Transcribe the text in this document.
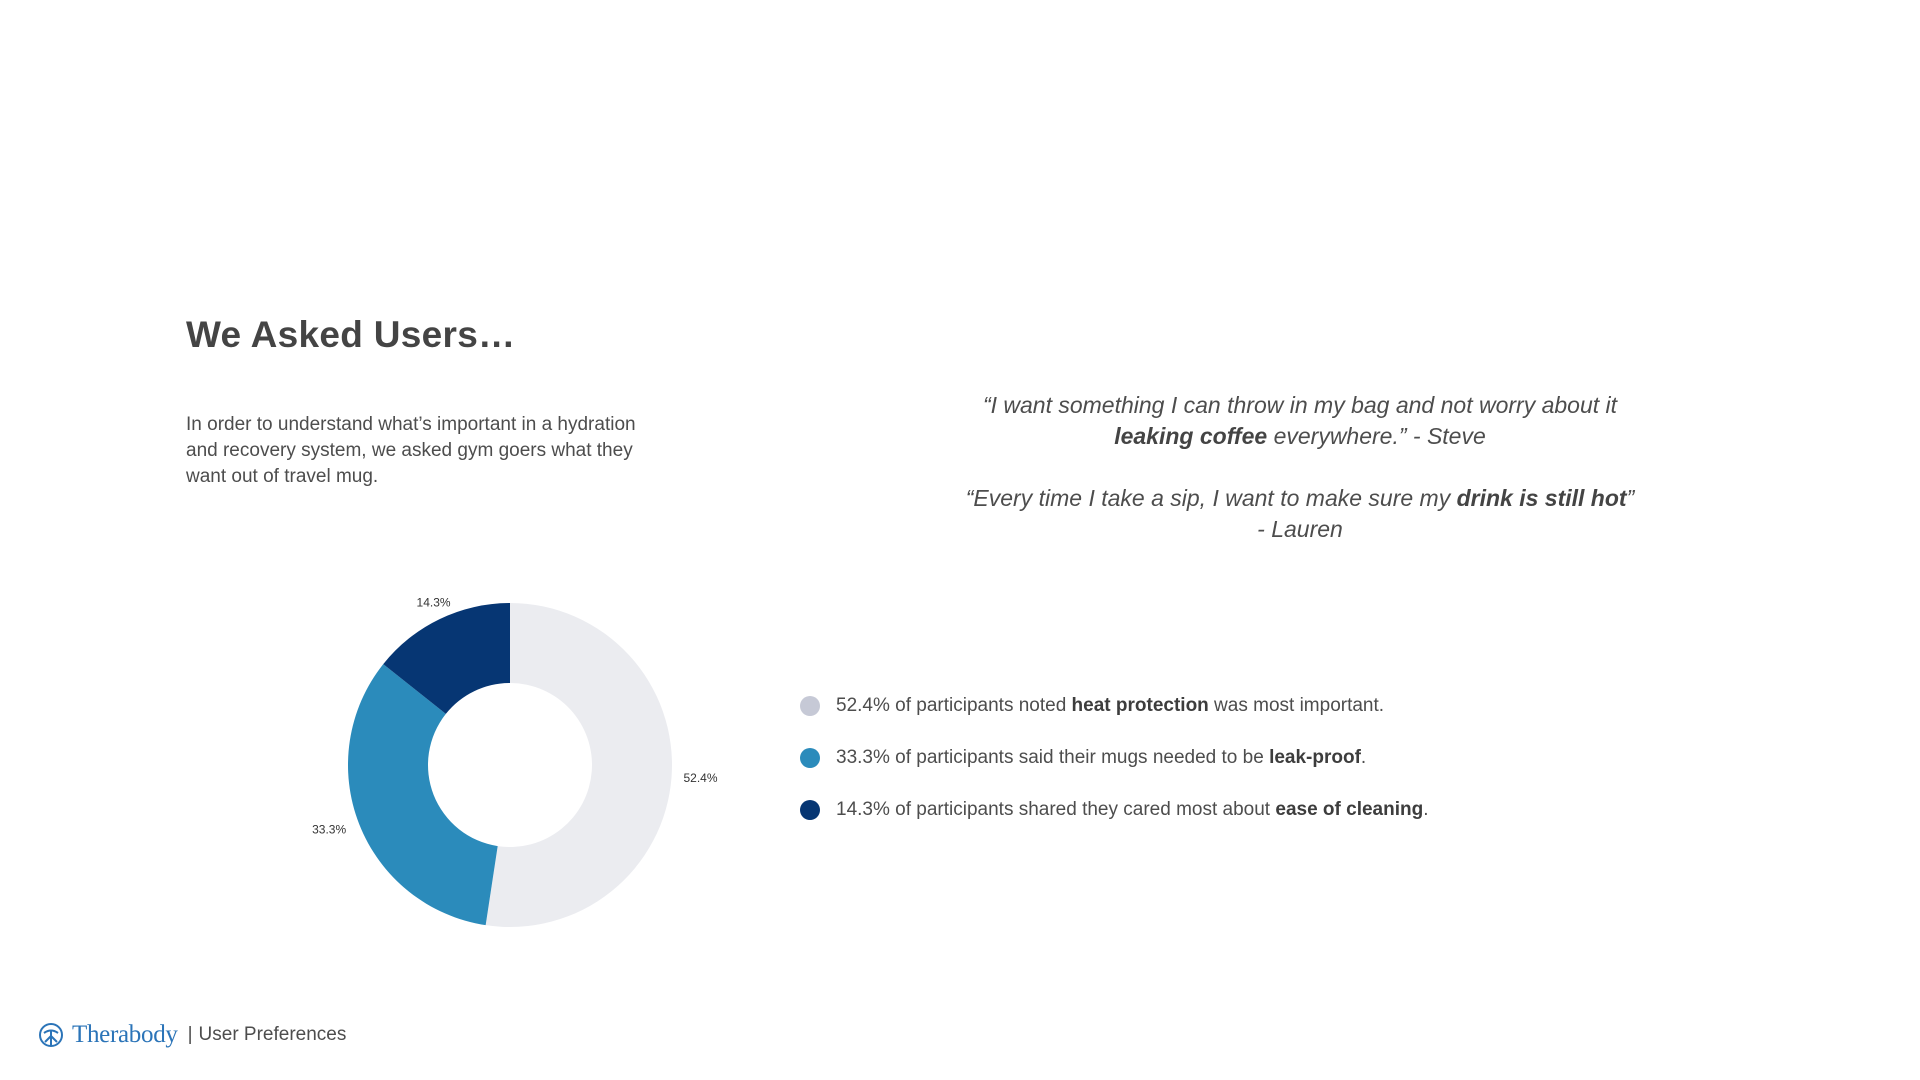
We Asked Users…

In order to understand what’s important in a hydration and recovery system, we asked gym goers what they want out of travel mug.

“I want something I can throw in my bag and not worry about it leaking coffee everywhere.” - Steve

“Every time I take a sip, I want to make sure my drink is still hot” - Lauren

52.4%
33.3%
14.3%
52.4% of participants noted heat protection was most important.
33.3% of participants said their mugs needed to be leak-proof.
14.3% of participants shared they cared most about ease of cleaning.
Therabody | User Preferences
